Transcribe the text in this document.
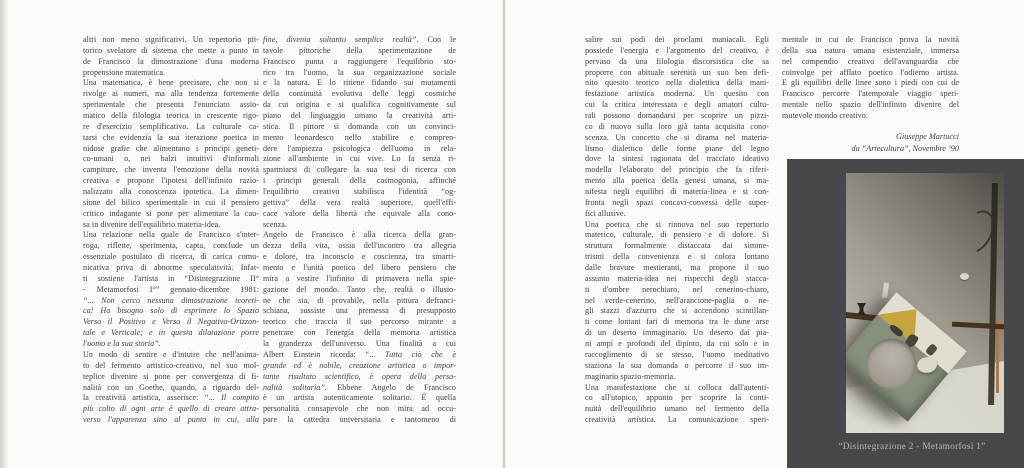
altri non meno significativi. Un repertorio pit-
torico svelatore di sistema che mette a punto in
de Francisco la dimostrazione d'una moderna
propensione matematica.
Una matematica, è bene precisare, che non si
rivolge ai numeri, ma alla tendenza fortemente
sperimentale che presenta l'enunciato assio-
matico della filologia teorica in crescente rigo-
re d'esercizio semplificativo. La culturale ca-
tarsi che evidenzia la sua iterazione poetica in
nidose grafie che alimentano i principi geneti-
co-umani o, nei balzi intuitivi d'informali
campiture, che inventa l'emozione della novità
creativa e propone l'ipotesi dell'infinito razio-
nalizzato alla conoscenza ipotetica. La dimen-
sione del bilico sperimentale in cui il pensiero
critico indagante si pone per alimentare la cau-
sa in divenire dell'equilibrio materia-idea.
Una relazione nella quale de Francisco s'inter-
roga, riflette, sperimenta, capta, conclude un
essenziale postulato di ricerca, di carica comu-
nicativa priva di abnorme speculatività. Infat-
ti sostiene l'artista in “Disintegrazione II°
- Metamorfosi I°” gennaio-dicembre 1981:
“... Non cerco nessuna dimostrazione teoreti-
ca! Ho bisogno solo di esprimere lo Spazio
Verso il Positivo e Verso il Negativo-Orizzon-
tale e Verticale; e in questa dilatazione porre
l'uomo e la sua storia”.
Un modo di sentire e d'intuire che nell'anima-
to del fermento artistico-creativo, nel suo mol-
teplice divenire si pone per convergenza di fi-
nalità con un Goethe, quando, a riguardo del-
la creatività artistica, asserisce: “... Il compito
più colto di ogni arte è quello di creare attra-
verso l'apparenza sino al punto in cui, alla
fine, divenia soltanto semplice realtà”. Con le
tavole pittoriche della sperimentazione de
Francisco punta a raggiungere l'equilibrio sto-
rico tra l'uomo, la sua organizzazione sociale
e la natura. E lo ritiene fidando sui mutamenti
della continuità evolutiva delle leggi cosmiche
da cui origina e si qualifica cognitivamente sul
piano del linguaggio umano la creatività arti-
stica. Il pittore si domanda con un convinci-
mento leonardesco nello stabilire e compren-
dere l'ampiezza psicologica dell'uomo in rela-
zione all'ambiente in cui vive. Lo fa senza ri-
sparmiarsi di collegare la sua tesi di ricerca con
i principi generali della cosmogonia, affinché
l'equilibrio creativo stabilisca l'identità “og-
gettiva” della vera realtà superiore, quell'effi-
cace valore della libertà che equivale alla cono-
scenza.
Angelo de Francisco è alla ricerca della gran-
dezza della vita, ossia dell'incontro tra allegria
e dolore, tra inconscio e coscienza, tra smarri-
mento e l'unità poetica del libero pensiero che
mira a vestire l'infinito di primavera nella spie-
gazione del mondo. Tanto che, realtà o illusio-
ne che sia, di provabile, nella pittura defranci-
schiana, sussiste una premessa di presupposto
teorico che traccia il suo percorso mirante a
penetrare con l'energia della memoria artistica
la grandezza dell'universo. Una finalità a cui
Albert Einstein ricorda: “... Tutto ciò che è
grande ed è nobile, creazione artistica o impor-
tante risultato scientifico, è opera della perso-
nalità solitaria”. Ebbene Angelo de Francisco
è un artista autenticamente solitario. È quella
personalità consapevole che non mira ad occu-
pare la cattedra universitaria e tantomeno di
salire sui podi dei proclami maniacali. Egli
possiede l'energia e l'argomento del creativo, è
pervaso da una filologia discorsistica che sa
proporre con abituale serenità un suo ben defi-
nito quesito teorico nella dialettica della mani-
festazione artistica moderna. Un quesito con
cui la critica interessata e degli amatori cultu-
rali possono domandarsi per scoprire un pizzi-
co di nuovo sulla loro già tanta acquisita cono-
scenza. Un concetto che si dirama nel materia-
lismo dialettico delle forme piane del legno
dove la sintesi ragionata del tracciato ideativo
modella l'elaborato del principio che fa riferi-
mento alla poetica della genesi umana, si ma-
nifesta negli equilibri di materia-linea e si con-
fronta negli spazi concavi-convessi delle super-
fici allusive.
Una poetica che si rinnova nel suo repertorio
materico, culturale, di pensiero e di dolore. Si
struttura formalmente distaccata dai simme-
trismi della convenienza e si colora lontano
dalle bravure mestieranti, ma propone il suo
assunto materia-idea nei rispecchi degli stacca-
ti d'ombre nerochiaro, nel cenerino-chiaro,
nel verde-cenerino, nell'arancione-paglia o ne-
gli stazzi d'azzurro che si accendono scintillan-
ti come lontani fari di memoria tra le dune arse
di un deserto immaginario. Un deserto dai pia-
ni ampi e profondi del dipinto, da cui solo e in
raccoglimento di se stesso, l'uomo meditativo
staziona la sua domanda o percorre il suo im-
maginario spazio-memoria.
Una manifestazione che si colloca dall'autenti-
co all'utopico, appunto per scoprire la conti-
nuità dell'equilibrio umano nel fermento della
creatività artistica. La comunicazione speri-
mentale in cui de Francisco prova la novità
della sua natura umana esistenziale, immersa
nel compendio creativo dell'avanguardia che
coinvolge per afflato poetico l'odierno artista.
E gli equilibri delle linee sono i piedi con cui de
Francisco percorre l'atemporale viaggio speri-
mentale nello spazio dell'infinito divenire del
mutevole mondo creativo.
Giuseppe Martucci
da “Artecultura”, Novembre ’90
“Disintegrazione 2 - Metamorfosi 1”
